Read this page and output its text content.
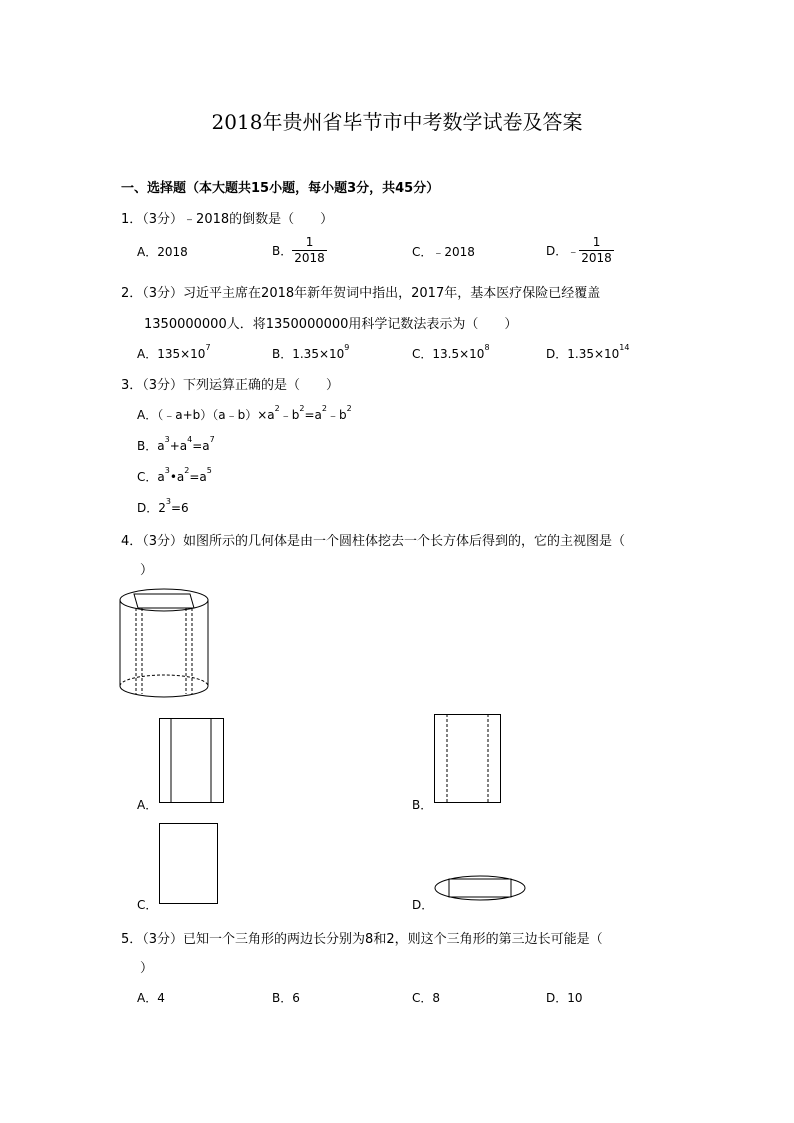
2018年贵州省毕节市中考数学试卷及答案
一、选择题（本大题共15小题，每小题3分，共45分）
1．（3分）﹣2018的倒数是（　　）
A．2018	B． $\frac{1}{2018}$	C．﹣2018	D．﹣ $\frac{1}{2018}$
2．（3分）习近平主席在2018年新年贺词中指出，2017年，基本医疗保险已经覆盖
1350000000人．将1350000000用科学记数法表示为（　　）
A．$135\times 10^7$	B．$1.35\times 10^9$	C．$13.5\times 10^8$	D．$1.35\times 10^{14}$
3．（3分）下列运算正确的是（　　）
A．$(﹣a+b)(a﹣b)\times a^2﹣b^2=a^2﹣b^2$
B．$a^3+a^4=a^7$
C．$a^3•a^2=a^5$
D．$2^3=6$
4．（3分）如图所示的几何体是由一个圆柱体挖去一个长方体后得到的，它的主视图是（
）
A．	B．
C．	D．
5．（3分）已知一个三角形的两边长分别为8和2，则这个三角形的第三边长可能是（
）
A．4	B．6	C．8	D．10
